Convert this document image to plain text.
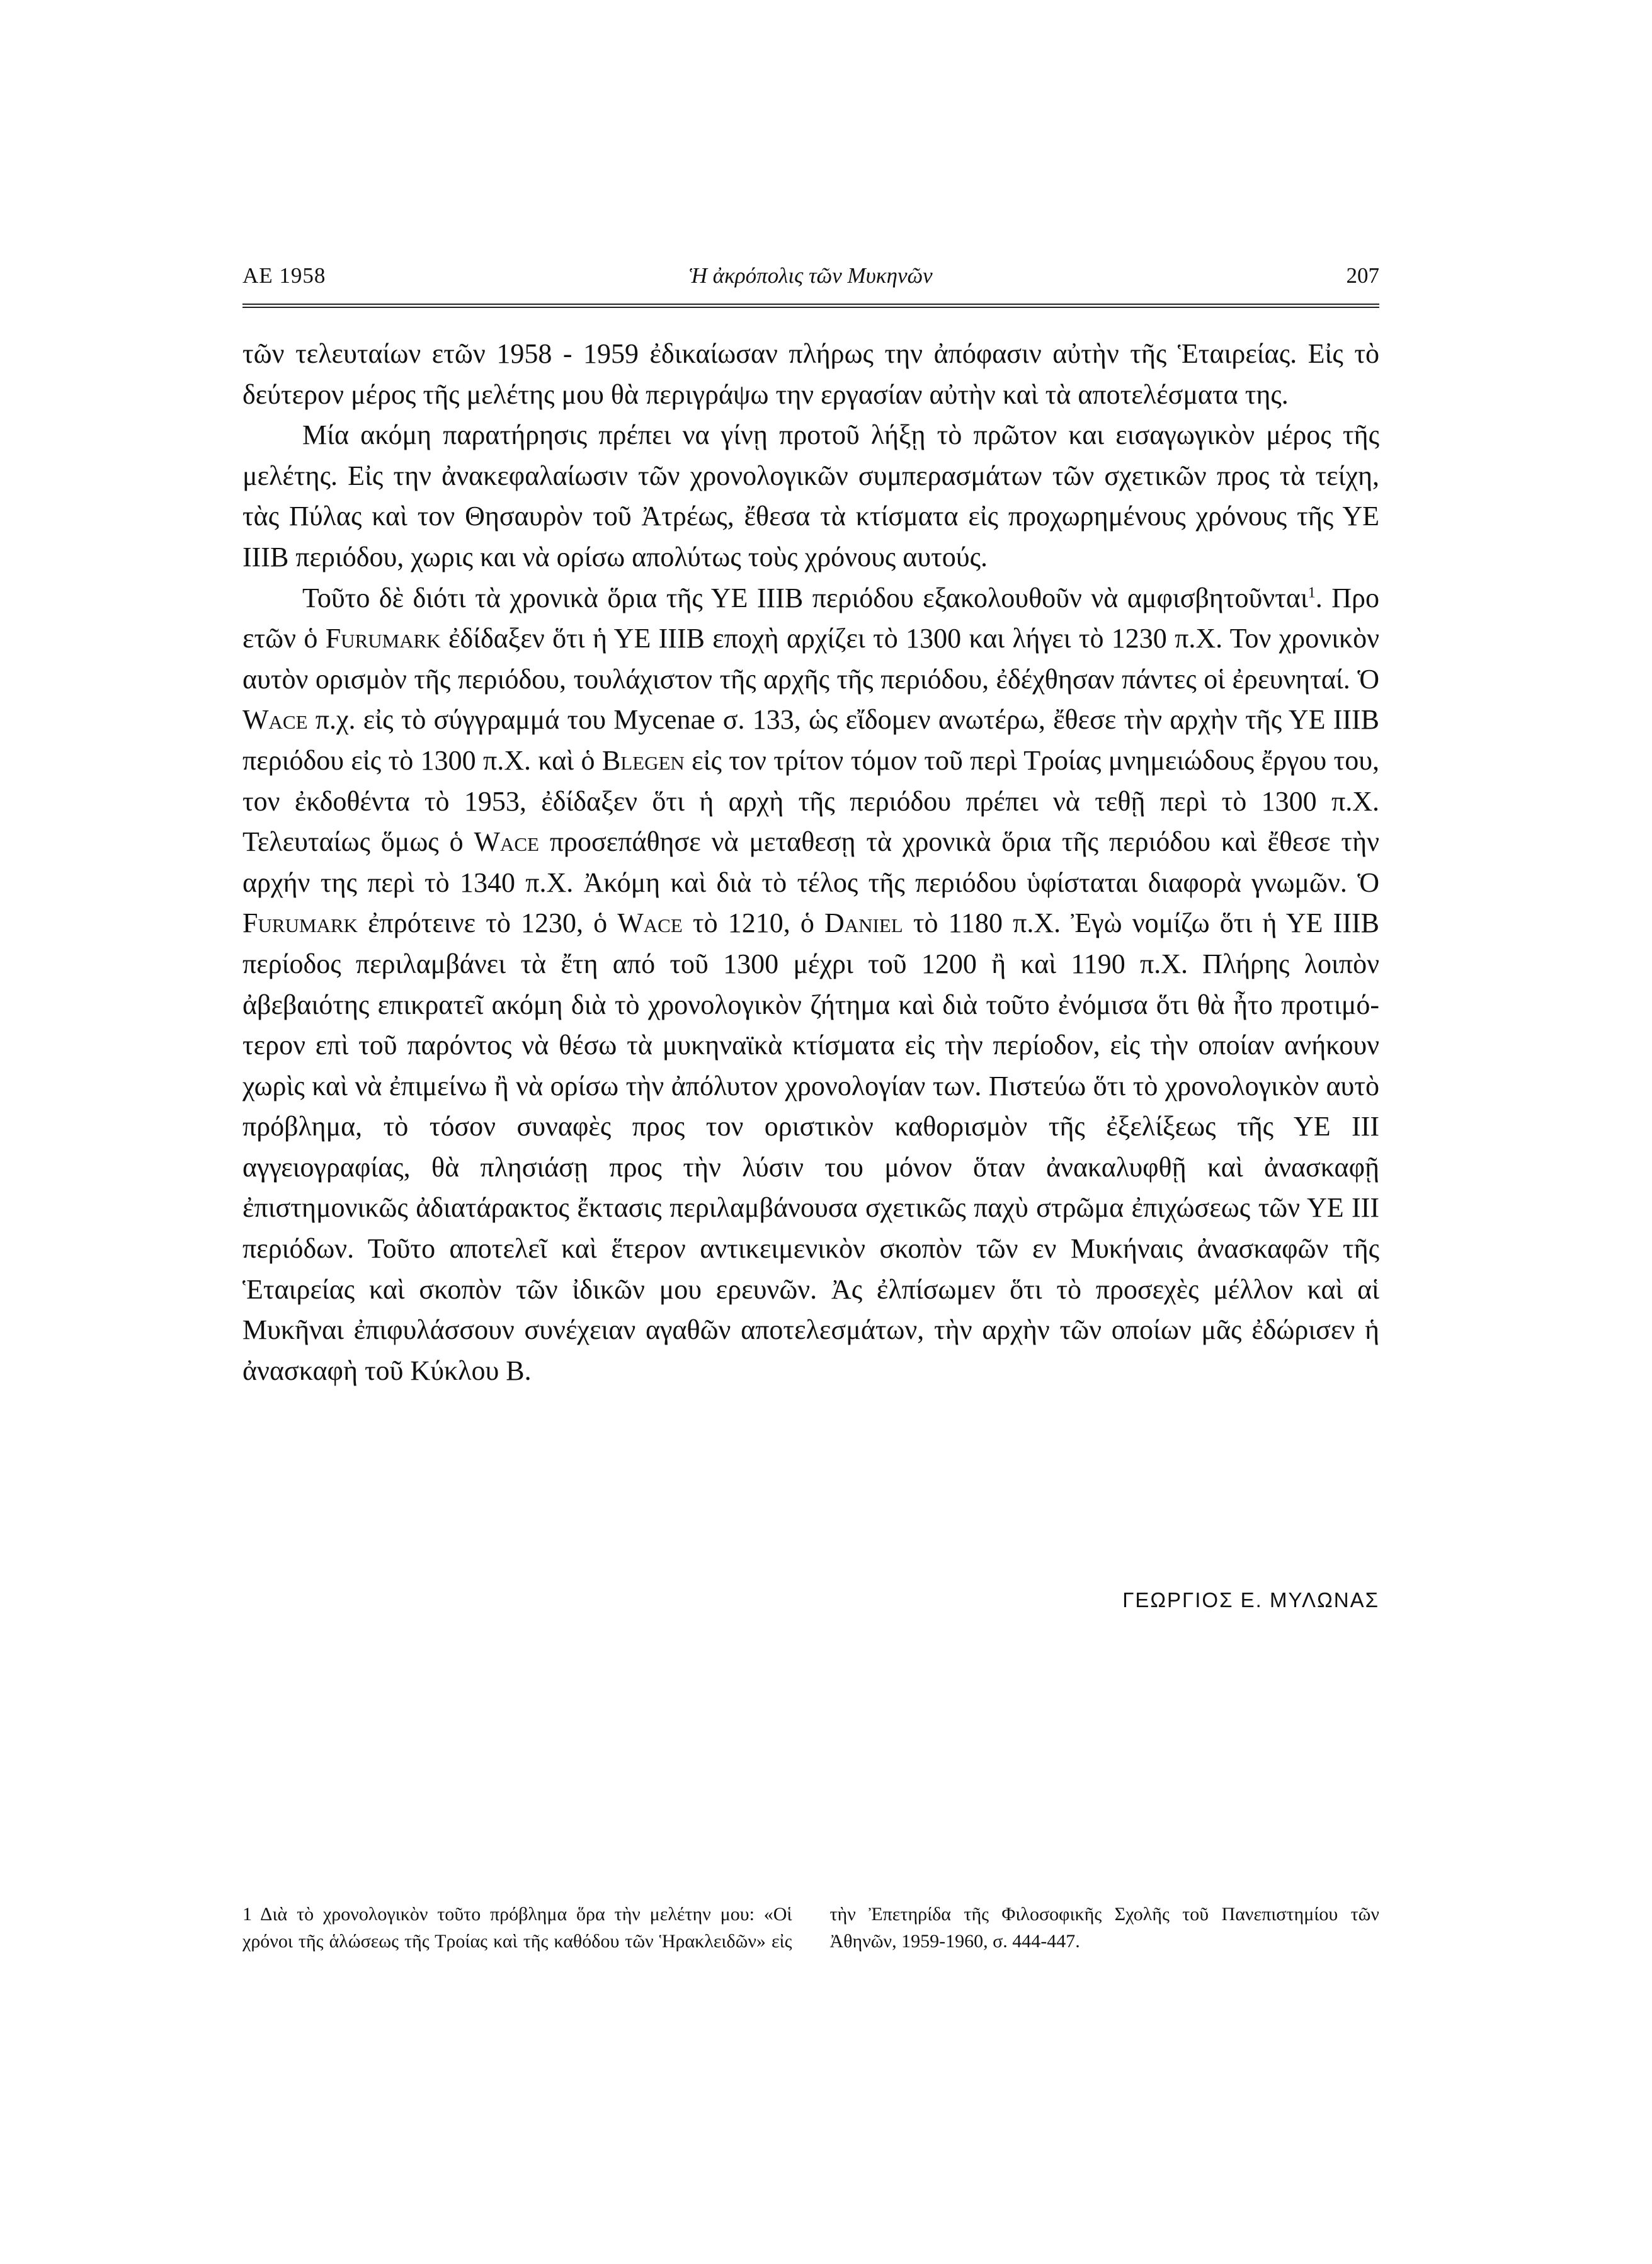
ΑΕ 1958	Ἡ ἀκρόπολις τῶν Μυκηνῶν	207

τῶν τελευταίων ετῶν 1958 - 1959 ἐδικαίωσαν πλήρως την ἀπόφασιν αὐτὴν τῆς Ἑταιρείας. Εἰς τὸ δεύτερον μέρος τῆς μελέτης μου θὰ περιγράψω την εργασίαν αὐτὴν καὶ τὰ αποτελέσματα της.

Μία ακόμη παρατήρησις πρέπει να γίνῃ προτοῦ λήξῃ τὸ πρῶτον και εισαγωγικὸν μέρος τῆς μελέτης. Εἰς την ἀνακεφαλαίωσιν τῶν χρονολογικῶν συμπερασμάτων τῶν σχετικῶν προς τὰ τείχη, τὰς Πύλας καὶ τον Θησαυρὸν τοῦ Ἀτρέως, ἔθεσα τὰ κτίσματα εἰς προχωρημένους χρόνους τῆς ΥΕ ΙΙΙΒ περιόδου, χωρις και νὰ ορίσω απολύτως τοὺς χρόνους αυτούς.

Τοῦτο δὲ διότι τὰ χρονικὰ ὅρια τῆς ΥΕ ΙΙΙΒ περιόδου εξακολουθοῦν νὰ αμφισβητοῦνται$^1$. Προ ετῶν ὁ Furumark ἐδίδαξεν ὅτι ἡ ΥΕ ΙΙΙΒ εποχὴ αρχίζει τὸ 1300 και λήγει τὸ 1230 π.Χ. Τον χρονικὸν αυτὸν ορισμὸν τῆς περιόδου, τουλάχιστον τῆς αρχῆς τῆς περιόδου, ἐδέχθησαν πάντες οἱ ἐρευνηταί. Ὁ Wace π.χ. εἰς τὸ σύγγραμμά του Mycenae σ. 133, ὡς εἴδομεν ανωτέρω, ἔθεσε τὴν αρχὴν τῆς ΥΕ ΙΙΙΒ περιόδου εἰς τὸ 1300 π.Χ. καὶ ὁ Blegen εἰς τον τρίτον τόμον τοῦ περὶ Τροίας μνημειώδους ἔργου του, τον ἐκδοθέντα τὸ 1953, ἐδίδαξεν ὅτι ἡ αρχὴ τῆς περιόδου πρέπει νὰ τεθῇ περὶ τὸ 1300 π.Χ. Τελευταίως ὅμως ὁ Wace προσεπάθησε νὰ μεταθεσῃ τὰ χρονικὰ ὅρια τῆς περιόδου καὶ ἔθεσε τὴν αρχήν της περὶ τὸ 1340 π.Χ. Ἀκόμη καὶ διὰ τὸ τέλος τῆς περιόδου ὑφίσταται διαφορὰ γνωμῶν. Ὁ Furumark ἐπρότεινε τὸ 1230, ὁ Wace τὸ 1210, ὁ Daniel τὸ 1180 π.Χ. Ἐγὼ νομίζω ὅτι ἡ ΥΕ ΙΙΙΒ περίοδος περιλαμβάνει τὰ ἔτη από τοῦ 1300 μέχρι τοῦ 1200 ἢ καὶ 1190 π.Χ. Πλήρης λοιπὸν ἀβεβαιότης επικρατεῖ ακόμη διὰ τὸ χρονολογικὸν ζήτημα καὶ διὰ τοῦτο ἐνόμισα ὅτι θὰ ἦτο προτιμότερον επὶ τοῦ παρόντος νὰ θέσω τὰ μυκηναϊκὰ κτίσματα εἰς τὴν περίοδον, εἰς τὴν οποίαν ανήκουν χωρὶς καὶ νὰ ἐπιμείνω ἢ νὰ ορίσω τὴν ἀπόλυτον χρονολογίαν των. Πιστεύω ὅτι τὸ χρονολογικὸν αυτὸ πρόβλημα, τὸ τόσον συναφὲς προς τον οριστικὸν καθορισμὸν τῆς ἐξελίξεως τῆς ΥΕ ΙΙΙ αγγειογραφίας, θὰ πλησιάσῃ προς τὴν λύσιν του μόνον ὅταν ἀνακαλυφθῇ καὶ ἀνασκαφῇ ἐπιστημονικῶς ἀδιατάρακτος ἔκτασις περιλαμβάνουσα σχετικῶς παχὺ στρῶμα ἐπιχώσεως τῶν ΥΕ ΙΙΙ περιόδων. Τοῦτο αποτελεῖ καὶ ἕτερον αντικειμενικὸν σκοπὸν τῶν εν Μυκήναις ἀνασκαφῶν τῆς Ἑταιρείας καὶ σκοπὸν τῶν ἰδικῶν μου ερευνῶν. Ἀς ἐλπίσωμεν ὅτι τὸ προσεχὲς μέλλον καὶ αἱ Μυκῆναι ἐπιφυλάσσουν συνέχειαν αγαθῶν αποτελεσμάτων, τὴν αρχὴν τῶν οποίων μᾶς ἐδώρισεν ἡ ἀνασκαφὴ τοῦ Κύκλου Β.

ΓΕΩΡΓΙΟΣ Ε. ΜΥΛΩΝΑΣ

1 Διὰ τὸ χρονολογικὸν τοῦτο πρόβλημα ὅρα τὴν μελέτην μου: «Οἱ χρόνοι τῆς ἁλώσεως τῆς Τροίας καὶ τῆς καθόδου τῶν Ἡρακλειδῶν» εἰς τὴν Ἐπετηρίδα τῆς Φιλοσοφικῆς Σχολῆς τοῦ Πανεπιστημίου τῶν Ἀθηνῶν, 1959-1960, σ. 444-447.
